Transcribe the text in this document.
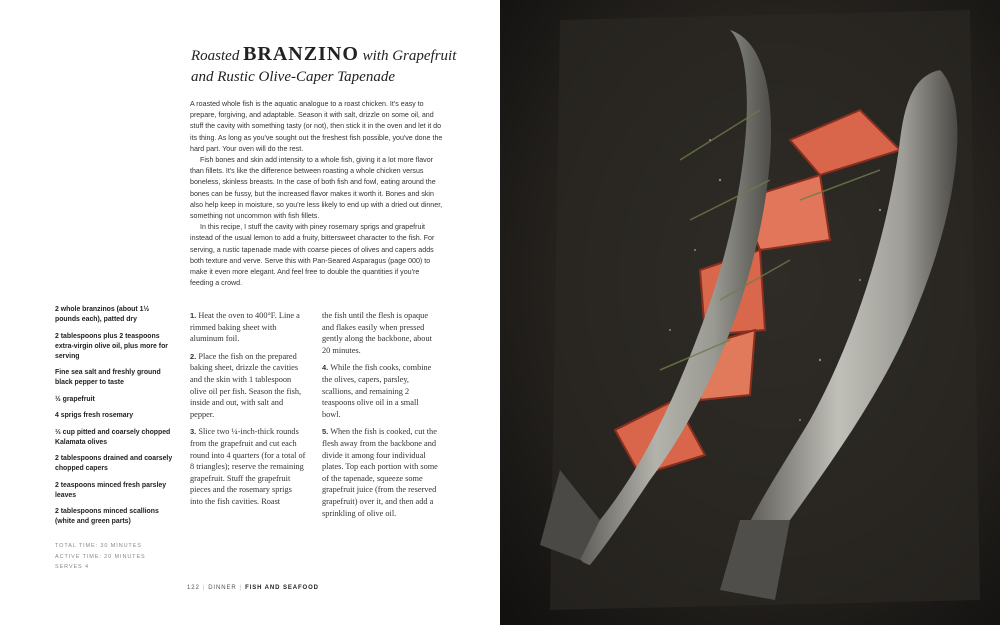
Roasted BRANZINO with Grapefruit
and Rustic Olive-Caper Tapenade

A roasted whole fish is the aquatic analogue to a roast chicken. It's easy to prepare, forgiving, and adaptable. Season it with salt, drizzle on some oil, and stuff the cavity with something tasty (or not), then stick it in the oven and let it do its thing. As long as you've sought out the freshest fish possible, you've done the hard part. Your oven will do the rest.

Fish bones and skin add intensity to a whole fish, giving it a lot more flavor than fillets. It's like the difference between roasting a whole chicken versus boneless, skinless breasts. In the case of both fish and fowl, eating around the bones can be fussy, but the increased flavor makes it worth it. Bones and skin also help keep in moisture, so you're less likely to end up with a dried out dinner, something not uncommon with fish fillets.

In this recipe, I stuff the cavity with piney rosemary sprigs and grapefruit instead of the usual lemon to add a fruity, bittersweet character to the fish. For serving, a rustic tapenade made with coarse pieces of olives and capers adds both texture and verve. Serve this with Pan-Seared Asparagus (page 000) to make it even more elegant. And feel free to double the quantities if you're feeding a crowd.

2 whole branzinos (about 1½ pounds each), patted dry

2 tablespoons plus 2 teaspoons extra-virgin olive oil, plus more for serving

Fine sea salt and freshly ground black pepper to taste

½ grapefruit

4 sprigs fresh rosemary

⅓ cup pitted and coarsely chopped Kalamata olives

2 tablespoons drained and coarsely chopped capers

2 teaspoons minced fresh parsley leaves

2 tablespoons minced scallions (white and green parts)

TOTAL TIME: 30 MINUTES
ACTIVE TIME: 20 MINUTES
SERVES 4

1. Heat the oven to 400°F. Line a rimmed baking sheet with aluminum foil.

2. Place the fish on the prepared baking sheet, drizzle the cavities and the skin with 1 tablespoon olive oil per fish. Season the fish, inside and out, with salt and pepper.

3. Slice two ¼-inch-thick rounds from the grapefruit and cut each round into 4 quarters (for a total of 8 triangles); reserve the remaining grapefruit. Stuff the grapefruit pieces and the rosemary sprigs into the fish cavities. Roast

the fish until the flesh is opaque and flakes easily when pressed gently along the backbone, about 20 minutes.

4. While the fish cooks, combine the olives, capers, parsley, scallions, and remaining 2 teaspoons olive oil in a small bowl.

5. When the fish is cooked, cut the flesh away from the backbone and divide it among four individual plates. Top each portion with some of the tapenade, squeeze some grapefruit juice (from the reserved grapefruit) over it, and then add a sprinkling of olive oil.

122 | DINNER | FISH AND SEAFOOD
